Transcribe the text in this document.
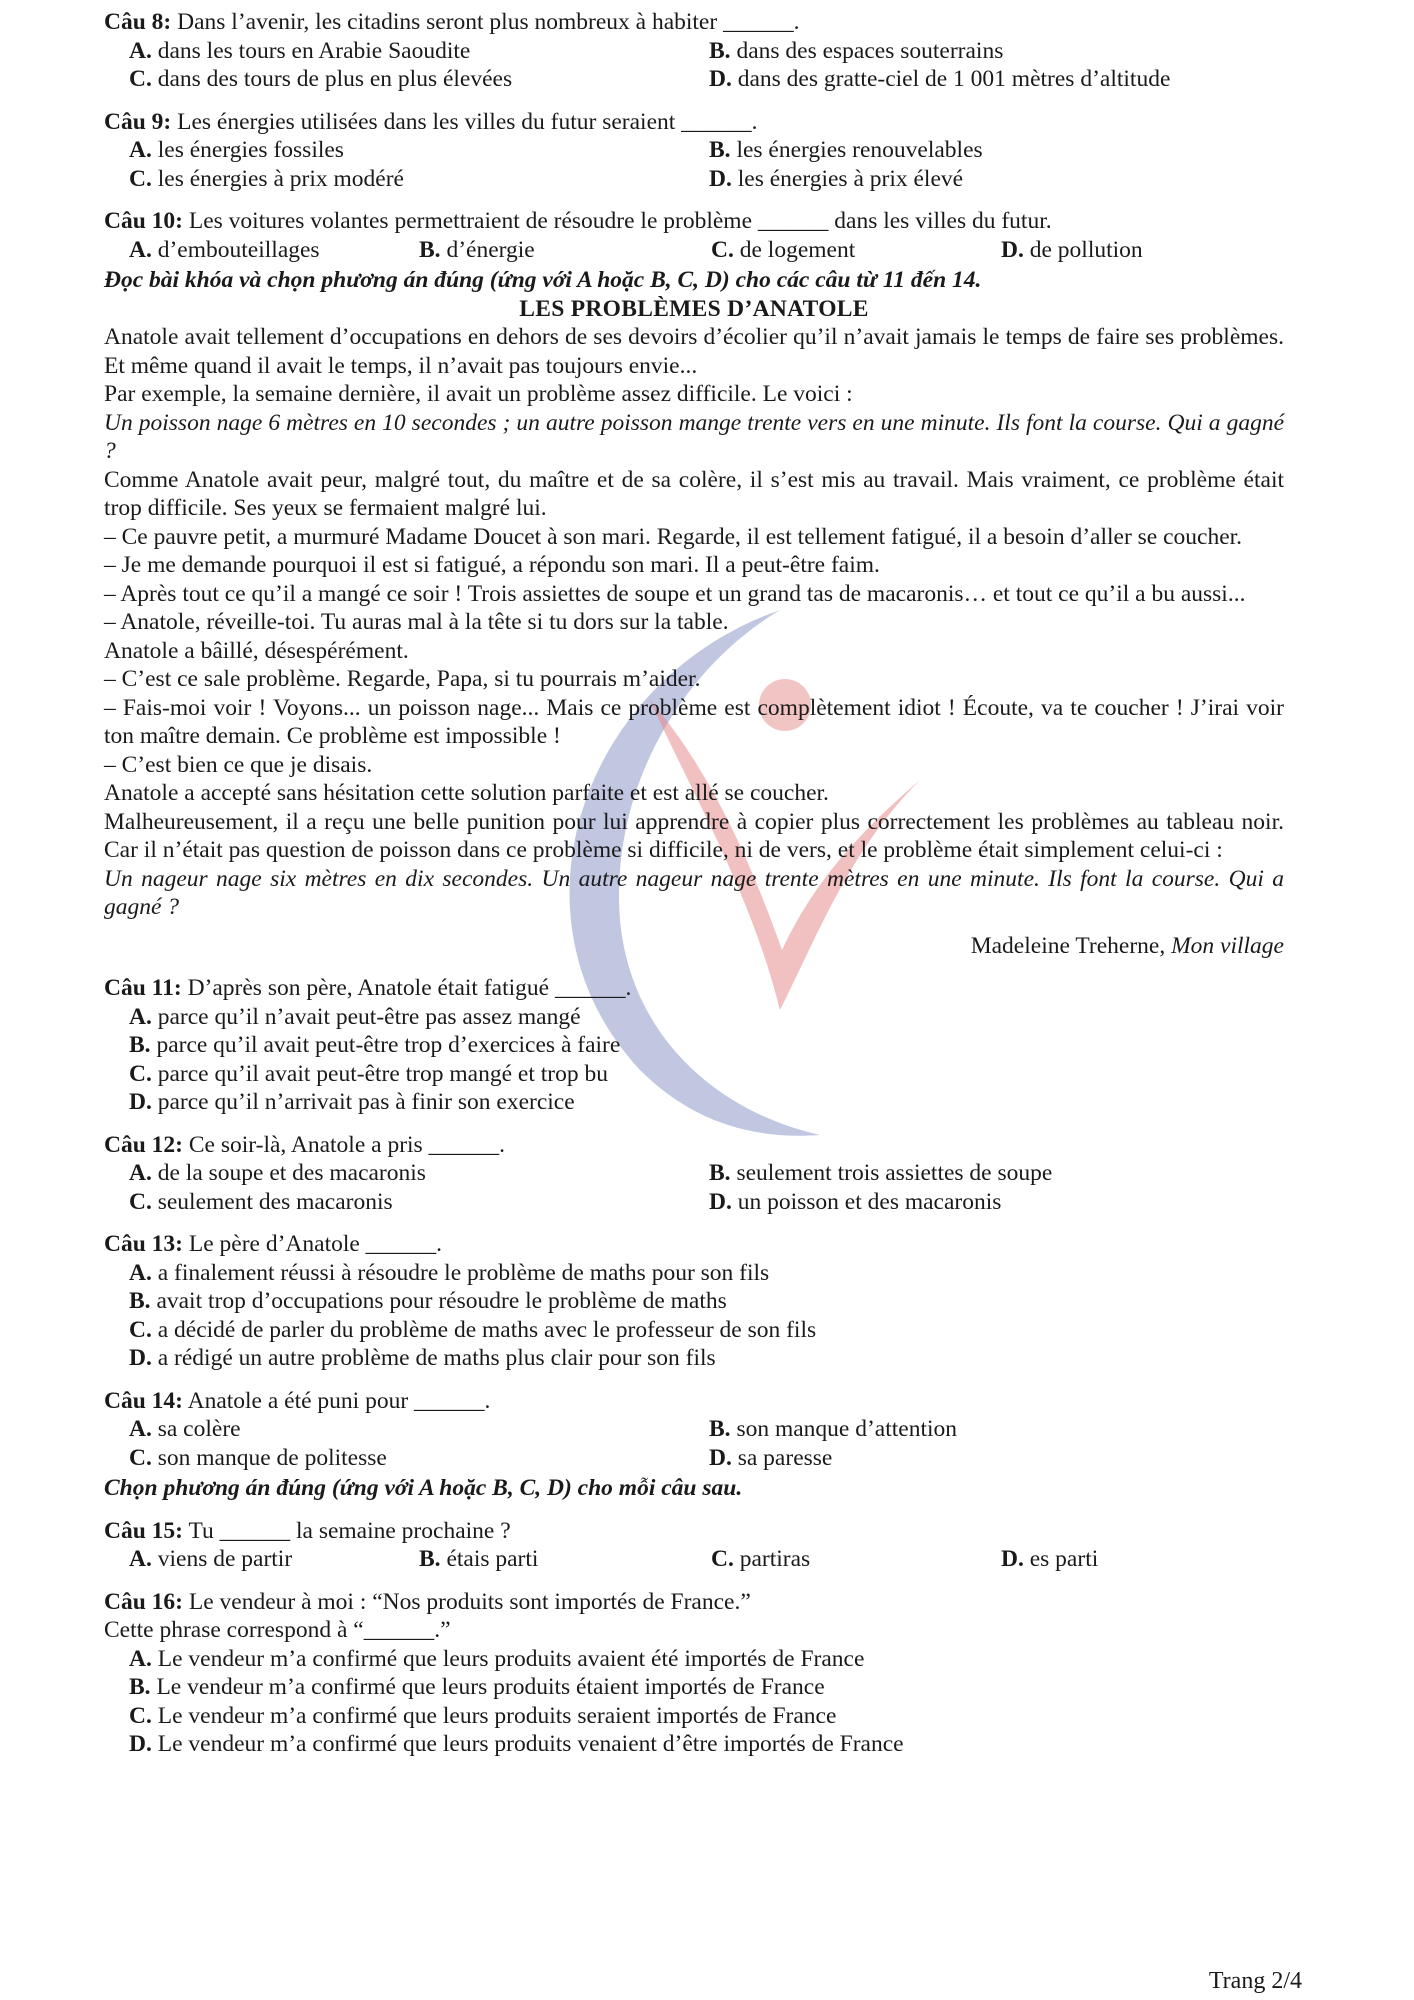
Câu 8: Dans l’avenir, les citadins seront plus nombreux à habiter ______.
A. dans les tours en Arabie Saoudite	B. dans des espaces souterrains
C. dans des tours de plus en plus élevées	D. dans des gratte-ciel de 1 001 mètres d’altitude
Câu 9: Les énergies utilisées dans les villes du futur seraient ______.
A. les énergies fossiles	B. les énergies renouvelables
C. les énergies à prix modéré	D. les énergies à prix élevé
Câu 10: Les voitures volantes permettraient de résoudre le problème ______ dans les villes du futur.
A. d’embouteillages	B. d’énergie	C. de logement	D. de pollution
Đọc bài khóa và chọn phương án đúng (ứng với A hoặc B, C, D) cho các câu từ 11 đến 14.
LES PROBLÈMES D’ANATOLE

Anatole avait tellement d’occupations en dehors de ses devoirs d’écolier qu’il n’avait jamais le temps de faire ses problèmes. Et même quand il avait le temps, il n’avait pas toujours envie...

Par exemple, la semaine dernière, il avait un problème assez difficile. Le voici :

Un poisson nage 6 mètres en 10 secondes ; un autre poisson mange trente vers en une minute. Ils font la course. Qui a gagné ?

Comme Anatole avait peur, malgré tout, du maître et de sa colère, il s’est mis au travail. Mais vraiment, ce problème était trop difficile. Ses yeux se fermaient malgré lui.

– Ce pauvre petit, a murmuré Madame Doucet à son mari. Regarde, il est tellement fatigué, il a besoin d’aller se coucher.

– Je me demande pourquoi il est si fatigué, a répondu son mari. Il a peut-être faim.

– Après tout ce qu’il a mangé ce soir ! Trois assiettes de soupe et un grand tas de macaronis… et tout ce qu’il a bu aussi...

– Anatole, réveille-toi. Tu auras mal à la tête si tu dors sur la table.

Anatole a bâillé, désespérément.

– C’est ce sale problème. Regarde, Papa, si tu pourrais m’aider.

– Fais-moi voir ! Voyons... un poisson nage... Mais ce problème est complètement idiot ! Écoute, va te coucher ! J’irai voir ton maître demain. Ce problème est impossible !

– C’est bien ce que je disais.

Anatole a accepté sans hésitation cette solution parfaite et est allé se coucher.

Malheureusement, il a reçu une belle punition pour lui apprendre à copier plus correctement les problèmes au tableau noir. Car il n’était pas question de poisson dans ce problème si difficile, ni de vers, et le problème était simplement celui-ci :

Un nageur nage six mètres en dix secondes. Un autre nageur nage trente mètres en une minute. Ils font la course. Qui a gagné ?

Madeleine Treherne, Mon village
Câu 11: D’après son père, Anatole était fatigué ______.
A. parce qu’il n’avait peut-être pas assez mangé
B. parce qu’il avait peut-être trop d’exercices à faire
C. parce qu’il avait peut-être trop mangé et trop bu
D. parce qu’il n’arrivait pas à finir son exercice
Câu 12: Ce soir-là, Anatole a pris ______.
A. de la soupe et des macaronis	B. seulement trois assiettes de soupe
C. seulement des macaronis	D. un poisson et des macaronis
Câu 13: Le père d’Anatole ______.
A. a finalement réussi à résoudre le problème de maths pour son fils
B. avait trop d’occupations pour résoudre le problème de maths
C. a décidé de parler du problème de maths avec le professeur de son fils
D. a rédigé un autre problème de maths plus clair pour son fils
Câu 14: Anatole a été puni pour ______.
A. sa colère	B. son manque d’attention
C. son manque de politesse	D. sa paresse
Chọn phương án đúng (ứng với A hoặc B, C, D) cho mỗi câu sau.
Câu 15: Tu ______ la semaine prochaine ?
A. viens de partir	B. étais parti	C. partiras	D. es parti
Câu 16: Le vendeur à moi : “Nos produits sont importés de France.”
Cette phrase correspond à “______.”
A. Le vendeur m’a confirmé que leurs produits avaient été importés de France
B. Le vendeur m’a confirmé que leurs produits étaient importés de France
C. Le vendeur m’a confirmé que leurs produits seraient importés de France
D. Le vendeur m’a confirmé que leurs produits venaient d’être importés de France
Trang 2/4
